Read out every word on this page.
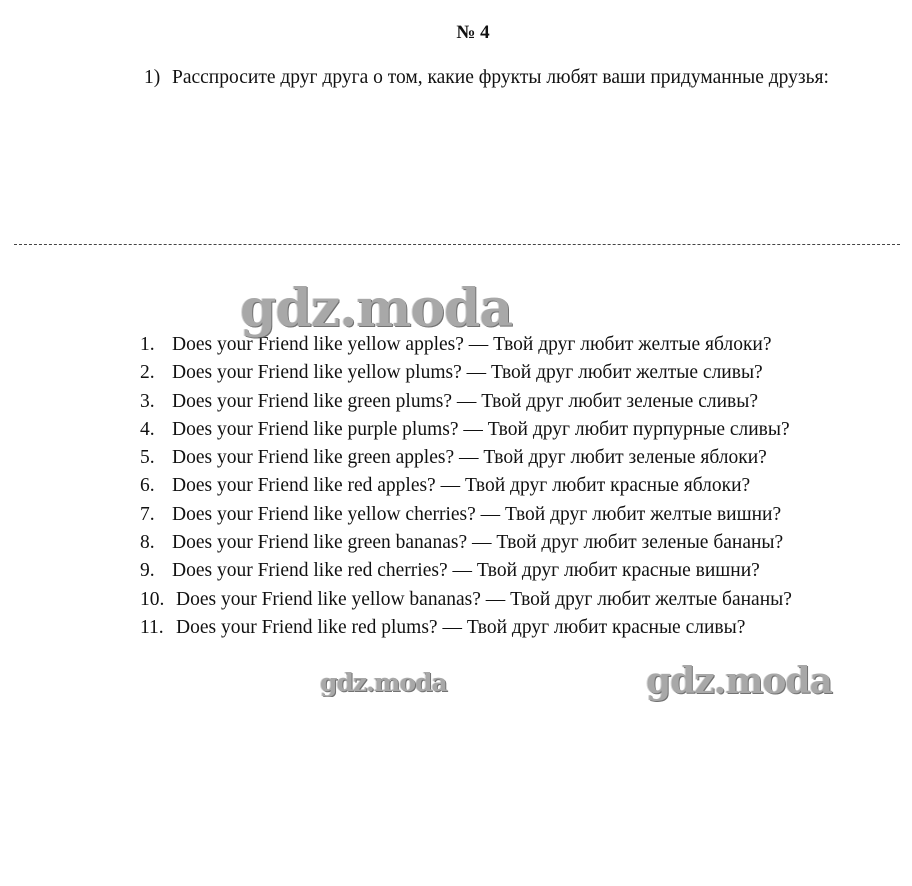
№ 4
1) Расспросите друг друга о том, какие фрукты любят ваши придуманные друзья:
1. Does your Friend like yellow apples? — Твой друг любит желтые яблоки?
2. Does your Friend like yellow plums? — Твой друг любит желтые сливы?
3. Does your Friend like green plums? — Твой друг любит зеленые сливы?
4. Does your Friend like purple plums? — Твой друг любит пурпурные сливы?
5. Does your Friend like green apples? — Твой друг любит зеленые яблоки?
6. Does your Friend like red apples? — Твой друг любит красные яблоки?
7. Does your Friend like yellow cherries? — Твой друг любит желтые вишни?
8. Does your Friend like green bananas? — Твой друг любит зеленые бананы?
9. Does your Friend like red cherries? — Твой друг любит красные вишни?
10. Does your Friend like yellow bananas? — Твой друг любит желтые бананы?
11. Does your Friend like red plums? — Твой друг любит красные сливы?
gdz.moda
gdz.moda	gdz.moda
